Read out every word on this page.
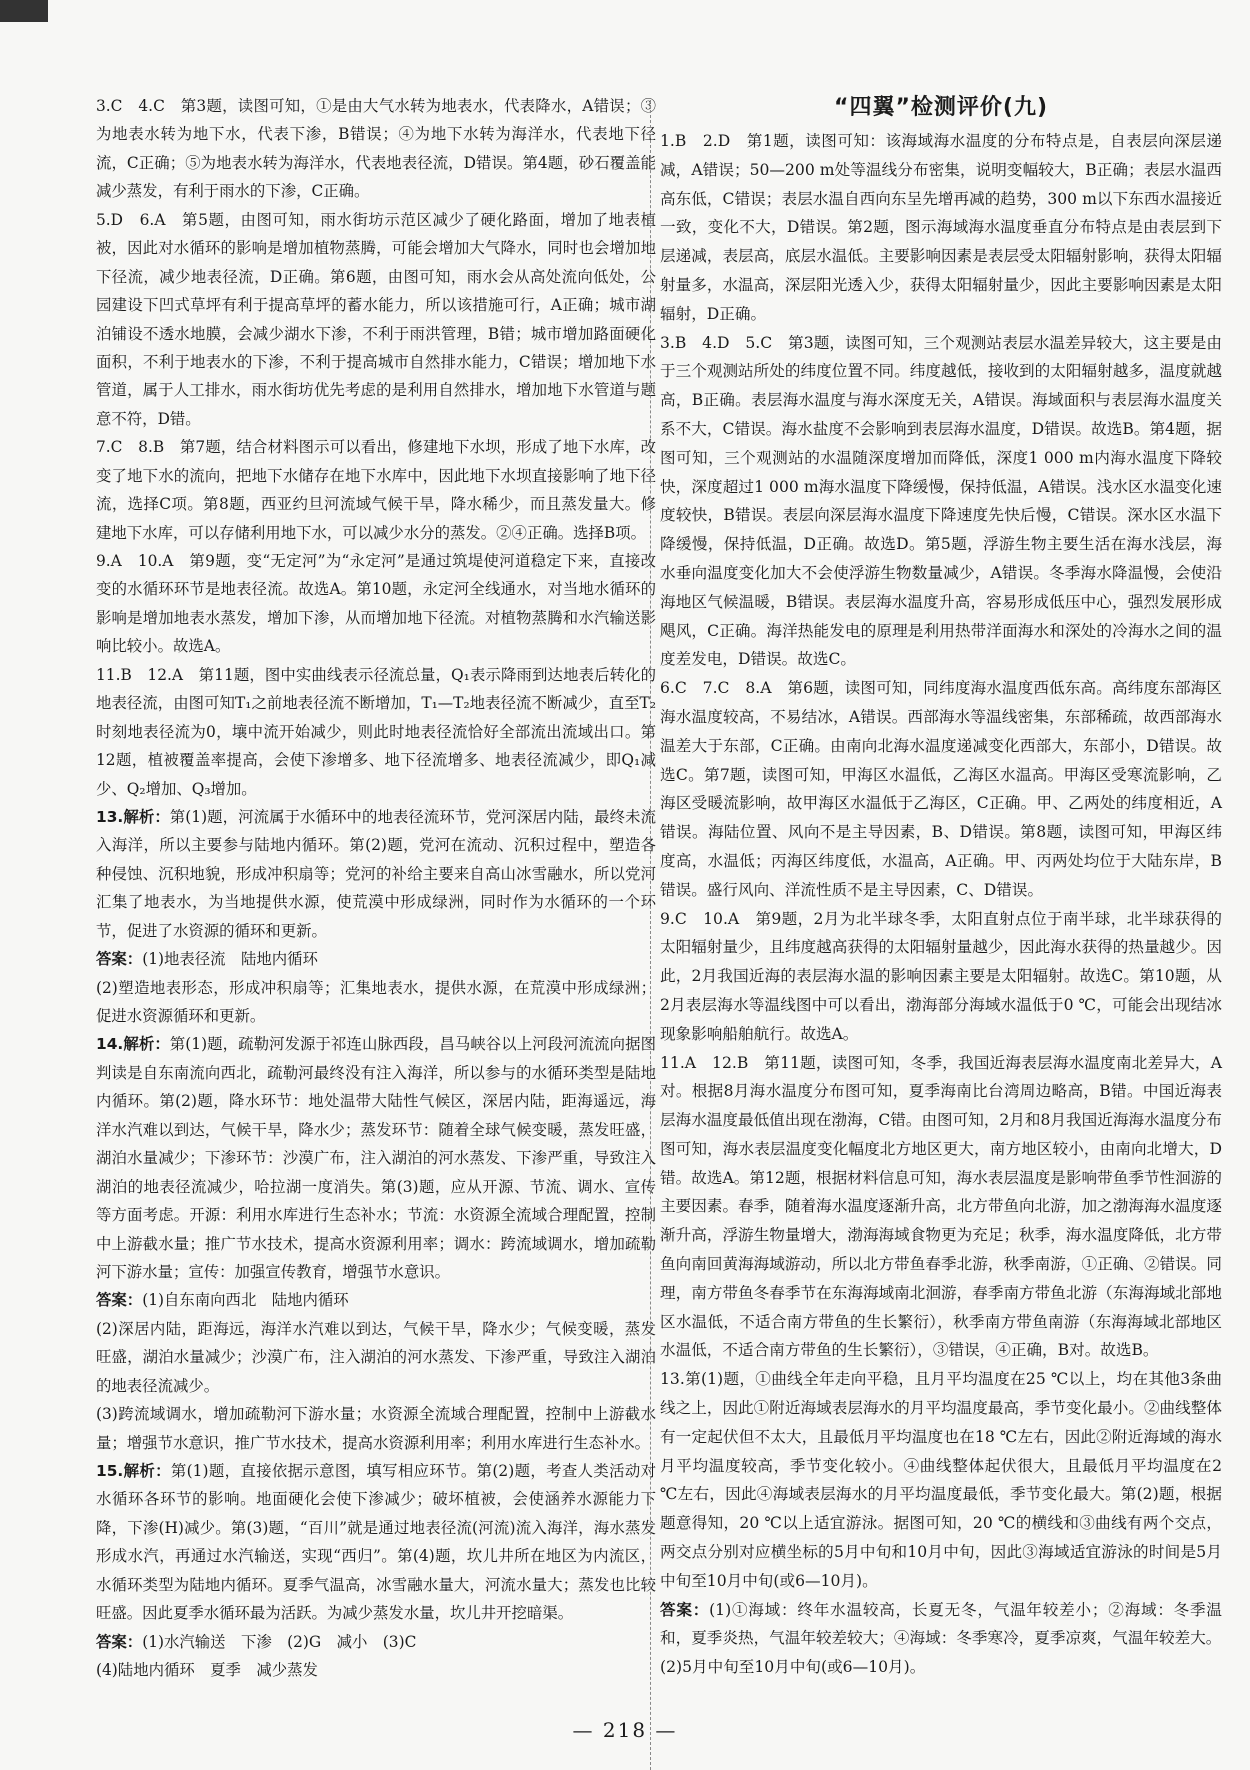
3.C　4.C　第3题，读图可知，①是由大气水转为地表水，代表降水，A错误；③为地表水转为地下水，代表下渗，B错误；④为地下水转为海洋水，代表地下径流，C正确；⑤为地表水转为海洋水，代表地表径流，D错误。第4题，砂石覆盖能减少蒸发，有利于雨水的下渗，C正确。

5.D　6.A　第5题，由图可知，雨水街坊示范区减少了硬化路面，增加了地表植被，因此对水循环的影响是增加植物蒸腾，可能会增加大气降水，同时也会增加地下径流，减少地表径流，D正确。第6题，由图可知，雨水会从高处流向低处，公园建设下凹式草坪有利于提高草坪的蓄水能力，所以该措施可行，A正确；城市湖泊铺设不透水地膜，会减少湖水下渗，不利于雨洪管理，B错；城市增加路面硬化面积，不利于地表水的下渗，不利于提高城市自然排水能力，C错误；增加地下水管道，属于人工排水，雨水街坊优先考虑的是利用自然排水，增加地下水管道与题意不符，D错。

7.C　8.B　第7题，结合材料图示可以看出，修建地下水坝，形成了地下水库，改变了地下水的流向，把地下水储存在地下水库中，因此地下水坝直接影响了地下径流，选择C项。第8题，西亚约旦河流域气候干旱，降水稀少，而且蒸发量大。修建地下水库，可以存储利用地下水，可以减少水分的蒸发。②④正确。选择B项。

9.A　10.A　第9题，变“无定河”为“永定河”是通过筑堤使河道稳定下来，直接改变的水循环环节是地表径流。故选A。第10题，永定河全线通水，对当地水循环的影响是增加地表水蒸发，增加下渗，从而增加地下径流。对植物蒸腾和水汽输送影响比较小。故选A。

11.B　12.A　第11题，图中实曲线表示径流总量，Q₁表示降雨到达地表后转化的地表径流，由图可知T₁之前地表径流不断增加，T₁—T₂地表径流不断减少，直至T₂时刻地表径流为0，壤中流开始减少，则此时地表径流恰好全部流出流域出口。第12题，植被覆盖率提高，会使下渗增多、地下径流增多、地表径流减少，即Q₁减少、Q₂增加、Q₃增加。

13.解析：第(1)题，河流属于水循环中的地表径流环节，党河深居内陆，最终未流入海洋，所以主要参与陆地内循环。第(2)题，党河在流动、沉积过程中，塑造各种侵蚀、沉积地貌，形成冲积扇等；党河的补给主要来自高山冰雪融水，所以党河汇集了地表水，为当地提供水源，使荒漠中形成绿洲，同时作为水循环的一个环节，促进了水资源的循环和更新。

答案：(1)地表径流　陆地内循环

(2)塑造地表形态，形成冲积扇等；汇集地表水，提供水源，在荒漠中形成绿洲；促进水资源循环和更新。

14.解析：第(1)题，疏勒河发源于祁连山脉西段，昌马峡谷以上河段河流流向据图判读是自东南流向西北，疏勒河最终没有注入海洋，所以参与的水循环类型是陆地内循环。第(2)题，降水环节：地处温带大陆性气候区，深居内陆，距海遥远，海洋水汽难以到达，气候干旱，降水少；蒸发环节：随着全球气候变暖，蒸发旺盛，湖泊水量减少；下渗环节：沙漠广布，注入湖泊的河水蒸发、下渗严重，导致注入湖泊的地表径流减少，哈拉湖一度消失。第(3)题，应从开源、节流、调水、宣传等方面考虑。开源：利用水库进行生态补水；节流：水资源全流域合理配置，控制中上游截水量；推广节水技术，提高水资源利用率；调水：跨流域调水，增加疏勒河下游水量；宣传：加强宣传教育，增强节水意识。

答案：(1)自东南向西北　陆地内循环

(2)深居内陆，距海远，海洋水汽难以到达，气候干旱，降水少；气候变暖，蒸发旺盛，湖泊水量减少；沙漠广布，注入湖泊的河水蒸发、下渗严重，导致注入湖泊的地表径流减少。

(3)跨流域调水，增加疏勒河下游水量；水资源全流域合理配置，控制中上游截水量；增强节水意识，推广节水技术，提高水资源利用率；利用水库进行生态补水。

15.解析：第(1)题，直接依据示意图，填写相应环节。第(2)题，考查人类活动对水循环各环节的影响。地面硬化会使下渗减少；破坏植被，会使涵养水源能力下降，下渗(H)减少。第(3)题，“百川”就是通过地表径流(河流)流入海洋，海水蒸发形成水汽，再通过水汽输送，实现“西归”。第(4)题，坎儿井所在地区为内流区，水循环类型为陆地内循环。夏季气温高，冰雪融水量大，河流水量大；蒸发也比较旺盛。因此夏季水循环最为活跃。为减少蒸发水量，坎儿井开挖暗渠。

答案：(1)水汽输送　下渗　(2)G　减小　(3)C

(4)陆地内循环　夏季　减少蒸发

“四翼”检测评价(九)

1.B　2.D　第1题，读图可知：该海域海水温度的分布特点是，自表层向深层递减，A错误；50—200 m处等温线分布密集，说明变幅较大，B正确；表层水温西高东低，C错误；表层水温自西向东呈先增再减的趋势，300 m以下东西水温接近一致，变化不大，D错误。第2题，图示海域海水温度垂直分布特点是由表层到下层递减，表层高，底层水温低。主要影响因素是表层受太阳辐射影响，获得太阳辐射量多，水温高，深层阳光透入少，获得太阳辐射量少，因此主要影响因素是太阳辐射，D正确。

3.B　4.D　5.C　第3题，读图可知，三个观测站表层水温差异较大，这主要是由于三个观测站所处的纬度位置不同。纬度越低，接收到的太阳辐射越多，温度就越高，B正确。表层海水温度与海水深度无关，A错误。海域面积与表层海水温度关系不大，C错误。海水盐度不会影响到表层海水温度，D错误。故选B。第4题，据图可知，三个观测站的水温随深度增加而降低，深度1 000 m内海水温度下降较快，深度超过1 000 m海水温度下降缓慢，保持低温，A错误。浅水区水温变化速度较快，B错误。表层向深层海水温度下降速度先快后慢，C错误。深水区水温下降缓慢，保持低温，D正确。故选D。第5题，浮游生物主要生活在海水浅层，海水垂向温度变化加大不会使浮游生物数量减少，A错误。冬季海水降温慢，会使沿海地区气候温暖，B错误。表层海水温度升高，容易形成低压中心，强烈发展形成飓风，C正确。海洋热能发电的原理是利用热带洋面海水和深处的冷海水之间的温度差发电，D错误。故选C。

6.C　7.C　8.A　第6题，读图可知，同纬度海水温度西低东高。高纬度东部海区海水温度较高，不易结冰，A错误。西部海水等温线密集，东部稀疏，故西部海水温差大于东部，C正确。由南向北海水温度递减变化西部大，东部小，D错误。故选C。第7题，读图可知，甲海区水温低，乙海区水温高。甲海区受寒流影响，乙海区受暖流影响，故甲海区水温低于乙海区，C正确。甲、乙两处的纬度相近，A错误。海陆位置、风向不是主导因素，B、D错误。第8题，读图可知，甲海区纬度高，水温低；丙海区纬度低，水温高，A正确。甲、丙两处均位于大陆东岸，B错误。盛行风向、洋流性质不是主导因素，C、D错误。

9.C　10.A　第9题，2月为北半球冬季，太阳直射点位于南半球，北半球获得的太阳辐射量少，且纬度越高获得的太阳辐射量越少，因此海水获得的热量越少。因此，2月我国近海的表层海水温的影响因素主要是太阳辐射。故选C。第10题，从2月表层海水等温线图中可以看出，渤海部分海域水温低于0 ℃，可能会出现结冰现象影响船舶航行。故选A。

11.A　12.B　第11题，读图可知，冬季，我国近海表层海水温度南北差异大，A对。根据8月海水温度分布图可知，夏季海南比台湾周边略高，B错。中国近海表层海水温度最低值出现在渤海，C错。由图可知，2月和8月我国近海海水温度分布图可知，海水表层温度变化幅度北方地区更大，南方地区较小，由南向北增大，D错。故选A。第12题，根据材料信息可知，海水表层温度是影响带鱼季节性洄游的主要因素。春季，随着海水温度逐渐升高，北方带鱼向北游，加之渤海海水温度逐渐升高，浮游生物量增大，渤海海域食物更为充足；秋季，海水温度降低，北方带鱼向南回黄海海域游动，所以北方带鱼春季北游，秋季南游，①正确、②错误。同理，南方带鱼冬春季节在东海海域南北洄游，春季南方带鱼北游（东海海域北部地区水温低，不适合南方带鱼的生长繁衍），秋季南方带鱼南游（东海海域北部地区水温低，不适合南方带鱼的生长繁衍），③错误，④正确，B对。故选B。

13.第(1)题，①曲线全年走向平稳，且月平均温度在25 ℃以上，均在其他3条曲线之上，因此①附近海域表层海水的月平均温度最高，季节变化最小。②曲线整体有一定起伏但不太大，且最低月平均温度也在18 ℃左右，因此②附近海域的海水月平均温度较高，季节变化较小。④曲线整体起伏很大，且最低月平均温度在2 ℃左右，因此④海域表层海水的月平均温度最低，季节变化最大。第(2)题，根据题意得知，20 ℃以上适宜游泳。据图可知，20 ℃的横线和③曲线有两个交点，两交点分别对应横坐标的5月中旬和10月中旬，因此③海域适宜游泳的时间是5月中旬至10月中旬(或6—10月)。

答案：(1)①海域：终年水温较高，长夏无冬，气温年较差小；②海域：冬季温和，夏季炎热，气温年较差较大；④海域：冬季寒冷，夏季凉爽，气温年较差大。

(2)5月中旬至10月中旬(或6—10月)。

— 218 —
